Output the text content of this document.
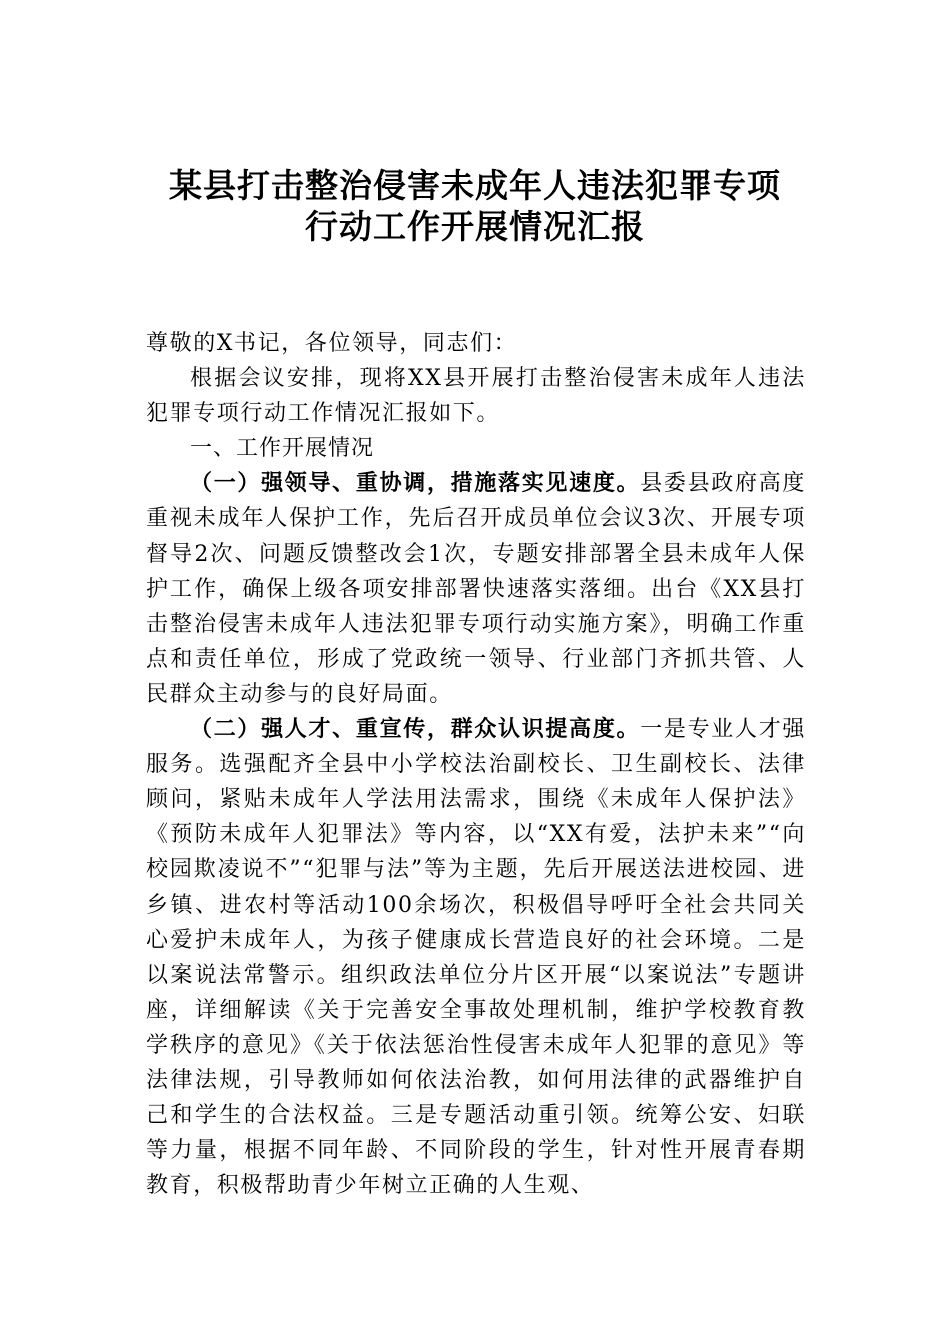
某县打击整治侵害未成年人违法犯罪专项
行动工作开展情况汇报

尊敬的X书记，各位领导，同志们：

根据会议安排，现将XX县开展打击整治侵害未成年人违法犯罪专项行动工作情况汇报如下。

一、工作开展情况

（一）强领导、重协调，措施落实见速度。县委县政府高度重视未成年人保护工作，先后召开成员单位会议3次、开展专项督导2次、问题反馈整改会1次，专题安排部署全县未成年人保护工作，确保上级各项安排部署快速落实落细。出台《XX县打击整治侵害未成年人违法犯罪专项行动实施方案》，明确工作重点和责任单位，形成了党政统一领导、行业部门齐抓共管、人民群众主动参与的良好局面。

（二）强人才、重宣传，群众认识提高度。一是专业人才强服务。选强配齐全县中小学校法治副校长、卫生副校长、法律顾问，紧贴未成年人学法用法需求，围绕《未成年人保护法》《预防未成年人犯罪法》等内容，以“XX有爱，法护未来”“向校园欺凌说不”“犯罪与法”等为主题，先后开展送法进校园、进乡镇、进农村等活动100余场次，积极倡导呼吁全社会共同关心爱护未成年人，为孩子健康成长营造良好的社会环境。二是以案说法常警示。组织政法单位分片区开展“以案说法”专题讲座，详细解读《关于完善安全事故处理机制，维护学校教育教学秩序的意见》《关于依法惩治性侵害未成年人犯罪的意见》等法律法规，引导教师如何依法治教，如何用法律的武器维护自己和学生的合法权益。三是专题活动重引领。统筹公安、妇联等力量，根据不同年龄、不同阶段的学生，针对性开展青春期教育，积极帮助青少年树立正确的人生观、
